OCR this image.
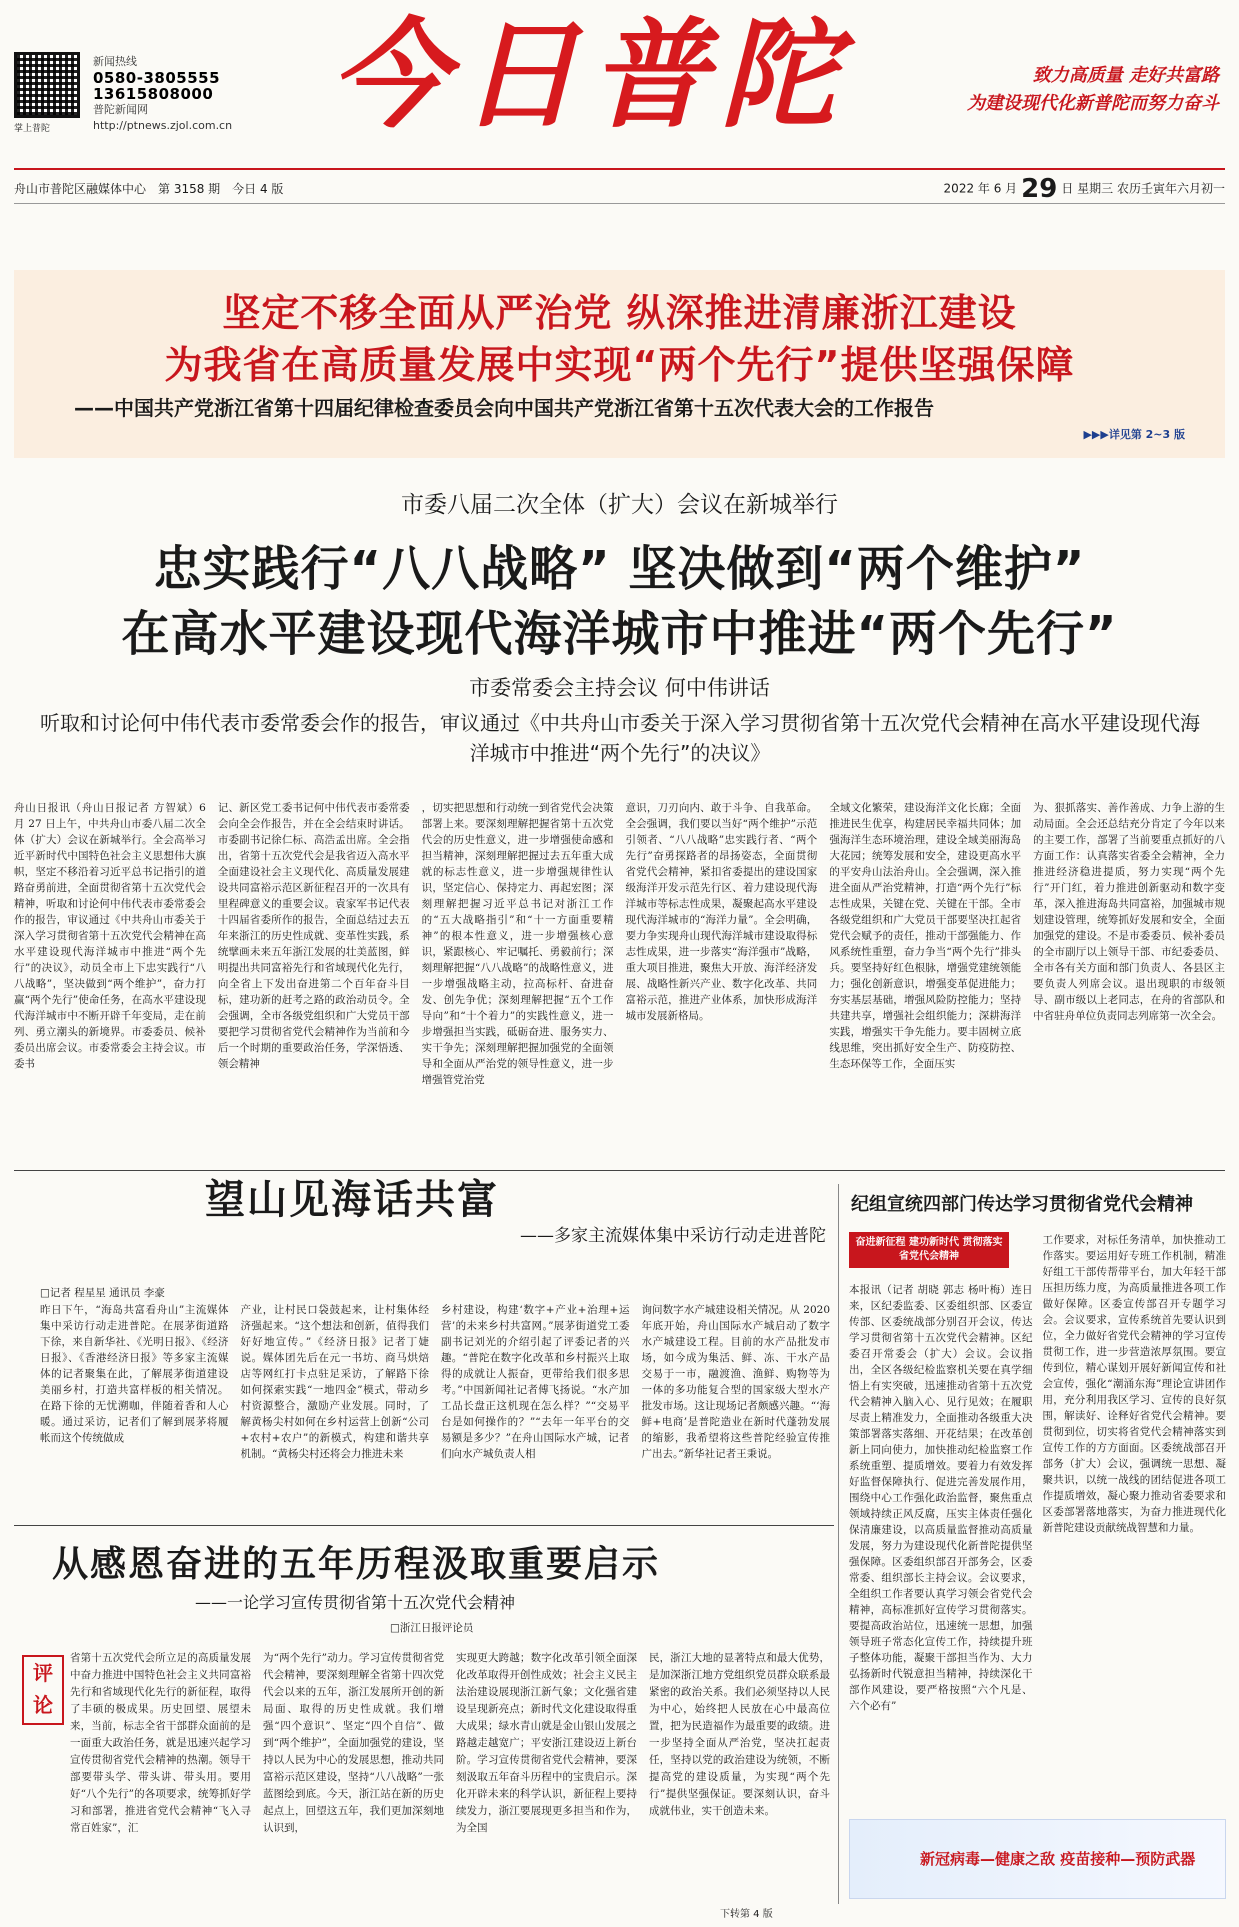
掌上普陀
新闻热线
0580-3805555
13615808000
普陀新闻网
http://ptnews.zjol.com.cn 今日普陀	致力高质量 走好共富路
为建设现代化新普陀而努力奋斗
舟山市普陀区融媒体中心　第 3158 期　今日 4 版	2022 年 6 月 29 日 星期三 农历壬寅年六月初一
坚定不移全面从严治党 纵深推进清廉浙江建设
为我省在高质量发展中实现“两个先行”提供坚强保障
——中国共产党浙江省第十四届纪律检查委员会向中国共产党浙江省第十五次代表大会的工作报告
▶▶▶详见第 2~3 版
市委八届二次全体（扩大）会议在新城举行
忠实践行“八八战略” 坚决做到“两个维护”
在高水平建设现代海洋城市中推进“两个先行”
市委常委会主持会议 何中伟讲话
听取和讨论何中伟代表市委常委会作的报告，审议通过《中共舟山市委关于深入学习贯彻省第十五次党代会精神在高水平建设现代海洋城市中推进“两个先行”的决议》
舟山日报讯（舟山日报记者 方智斌）6 月 27 日上午，中共舟山市委八届二次全体（扩大）会议在新城举行。全会高举习近平新时代中国特色社会主义思想伟大旗帜，坚定不移沿着习近平总书记指引的道路奋勇前进，全面贯彻省第十五次党代会精神，听取和讨论何中伟代表市委常委会作的报告，审议通过《中共舟山市委关于深入学习贯彻省第十五次党代会精神在高水平建设现代海洋城市中推进“两个先行”的决议》，动员全市上下忠实践行“八八战略”，坚决做到“两个维护”，奋力打赢“两个先行”使命任务，在高水平建设现代海洋城市中不断开辟千年变局，走在前列、勇立潮头的新境界。市委委员、候补委员出席会议。市委常委会主持会议。市委书
记、新区党工委书记何中伟代表市委常委会向全会作报告，并在全会结束时讲话。市委副书记徐仁标、高浩孟出席。全会指出，省第十五次党代会是我省迈入高水平全面建设社会主义现代化、高质量发展建设共同富裕示范区新征程召开的一次具有里程碑意义的重要会议。袁家军书记代表十四届省委所作的报告，全面总结过去五年来浙江的历史性成就、变革性实践，系统擘画未来五年浙江发展的壮美蓝图，鲜明提出共同富裕先行和省域现代化先行，向全省上下发出奋进第二个百年奋斗目标，建功新的赶考之路的政治动员令。全会强调，全市各级党组织和广大党员干部要把学习贯彻省党代会精神作为当前和今后一个时期的重要政治任务，学深悟透、领会精神
，切实把思想和行动统一到省党代会决策部署上来。要深刻理解把握省第十五次党代会的历史性意义，进一步增强使命感和担当精神，深刻理解把握过去五年重大成就的标志性意义，进一步增强规律性认识，坚定信心、保持定力、再起宏图；深刻理解把握习近平总书记对浙江工作的“五大战略指引”和“十一方面重要精神”的根本性意义，进一步增强核心意识，紧跟核心、牢记嘱托、勇毅前行；深刻理解把握“八八战略”的战略性意义，进一步增强战略主动，拉高标杆、奋进奋发、创先争优；深刻理解把握“五个工作导向”和“十个着力”的实践性意义，进一步增强担当实践，砥砺奋进、服务实力、实干争先；深刻理解把握加强党的全面领导和全面从严治党的领导性意义，进一步增强管党治党
意识，刀刃向内、敢于斗争、自我革命。全会强调，我们要以当好“两个维护”示范引领者、“八八战略”忠实践行者、“两个先行”奋勇探路者的昂扬姿态，全面贯彻省党代会精神，紧扣省委提出的建设国家级海洋开发示范先行区、着力建设现代海洋城市等标志性成果，凝聚起高水平建设现代海洋城市的“海洋力量”。全会明确，要力争实现舟山现代海洋城市建设取得标志性成果，进一步落实“海洋强市”战略，重大项目推进，聚焦大开放、海洋经济发展、战略性新兴产业、数字化改革、共同富裕示范，推进产业体系，加快形成海洋城市发展新格局。
全域文化繁荣，建设海洋文化长廊；全面推进民生优享，构建居民幸福共同体；加强海洋生态环境治理，建设全域美丽海岛大花园；统筹发展和安全，建设更高水平的平安舟山法治舟山。全会强调，深入推进全面从严治党精神，打造“两个先行”标志性成果，关键在党、关键在干部。全市各级党组织和广大党员干部要坚决扛起省党代会赋予的责任，推动干部强能力、作风系统性重塑，奋力争当“两个先行”排头兵。要坚持好红色根脉，增强党建统领能力；强化创新意识，增强变革促进能力；夯实基层基础，增强风险防控能力；坚持共建共享，增强社会组织能力；深耕海洋实践，增强实干争先能力。要丰固树立底线思维，突出抓好安全生产、防疫防控、生态环保等工作，全面压实
为、狠抓落实、善作善成、力争上游的生动局面。全会还总结充分肯定了今年以来的主要工作，部署了当前要重点抓好的八方面工作：认真落实省委全会精神，全力推进经济稳进提质，努力实现“两个先行”开门红，着力推进创新驱动和数字变革，深入推进海岛共同富裕，加强城市规划建设管理，统筹抓好发展和安全，全面加强党的建设。不是市委委员、候补委员的全市副厅以上领导干部、市纪委委员、全市各有关方面和部门负责人、各县区主要负责人列席会议。退出现职的市级领导、副市级以上老同志，在舟的省部队和中省驻舟单位负责同志列席第一次全会。
望山见海话共富
——多家主流媒体集中采访行动走进普陀
□记者 程星星 通讯员 李豪
昨日下午，“海岛共富看舟山”主流媒体集中采访行动走进普陀。在展茅街道路下徐，来自新华社、《光明日报》、《经济日报》、《香港经济日报》等多家主流媒体的记者聚集在此，了解展茅街道建设美丽乡村，打造共富样板的相关情况。在路下徐的无忧溯咖，伴随着香和人心暖。通过采访，记者们了解到展茅将履帐而这个传统做成
产业，让村民口袋鼓起来，让村集体经济强起来。“这个想法和创新，值得我们好好地宣传。”《经济日报》记者丁婕说。媒体团先后在元一书坊、商马烘焙店等网红打卡点驻足采访，了解路下徐如何探索实践“一地四金”模式，带动乡村资源整合，激励产业发展。同时，了解黄杨尖村如何在乡村运营上创新“公司+农村+农户”的新模式，构建和谐共享机制。“黄杨尖村还将会力推进未来
乡村建设，构建‘数字+产业+治理+运营’的未来乡村共富网。”展茅街道党工委副书记刘光的介绍引起了评委记者的兴趣。“普陀在数字化改革和乡村振兴上取得的成就让人振奋，更带给我们很多思考。”中国新闻社记者傅飞扬说。“水产加工品长盘正这机现在怎么样？”“交易平台是如何操作的？”“去年一年平台的交易额是多少？”在舟山国际水产城，记者们向水产城负责人相
询问数字水产城建设相关情况。从 2020 年底开始，舟山国际水产城启动了数字水产城建设工程。目前的水产品批发市场，如今成为集活、鲜、冻、干水产品交易于一市，融渡渔、渔鲜、购物等为一体的多功能复合型的国家级大型水产批发市场。这让现场记者颇感兴趣。“‘海鲜+电商’是普陀造业在新时代蓬勃发展的缩影，我希望将这些普陀经验宣传推广出去。”新华社记者王秉说。
纪组宣统四部门传达学习贯彻省党代会精神
本报讯（记者 胡晓 郭志 杨叶梅）连日来，区纪委监委、区委组织部、区委宣传部、区委统战部分别召开会议，传达学习贯彻省第十五次党代会精神。区纪委召开常委会（扩大）会议。会议指出，全区各级纪检监察机关要在真学细悟上有实突破，迅速推动省第十五次党代会精神入脑入心、见行见效；在履职尽责上精准发力，全面推动各级重大决策部署落实落细、开花结果；在改革创新上同向使力，加快推动纪检监察工作系统重塑、提质增效。要着力有效发挥好监督保障执行、促进完善发展作用，围绕中心工作强化政治监督，聚焦重点领域持续正风反腐，压实主体责任强化保清廉建设，以高质量监督推动高质量发展，努力为建设现代化新普陀提供坚强保障。区委组织部召开部务会，区委常委、组织部长主持会议。会议要求，全组织工作者要认真学习领会省党代会精神，高标准抓好宣传学习贯彻落实。要提高政治站位，迅速统一思想，加强领导班子常态化宣传工作，持续提升班子整体功能，凝聚干部担当作为、大力弘扬新时代锐意担当精神，持续深化干部作风建设，要严格按照“六个凡是、六个必有”
工作要求，对标任务清单，加快推动工作落实。要运用好专班工作机制，精准好组工干部传帮带平台，加大年轻干部压担历练力度，为高质量推进各项工作做好保障。区委宣传部召开专题学习会。会议要求，宣传系统首先要认识到位，全力做好省党代会精神的学习宣传贯彻工作，进一步营造浓厚氛围。要宣传到位，精心谋划开展好新闻宣传和社会宣传，强化“潮涌东海”理论宣讲团作用，充分利用我区学习、宣传的良好氛围，解读好、诠释好省党代会精神。要贯彻到位，切实将省党代会精神落实到宣传工作的方方面面。区委统战部召开部务（扩大）会议，强调统一思想、凝聚共识，以统一战线的团结促进各项工作提质增效，凝心聚力推动省委要求和区委部署落地落实，为奋力推进现代化新普陀建设贡献统战智慧和力量。
奋进新征程 建功新时代 贯彻落实省党代会精神
新冠病毒—健康之敌 疫苗接种—预防武器
从感恩奋进的五年历程汲取重要启示
——一论学习宣传贯彻省第十五次党代会精神
□浙江日报评论员
评论
省第十五次党代会所立足的高质量发展中奋力推进中国特色社会主义共同富裕先行和省域现代化先行的新征程，取得了丰硕的极成果。历史回望、展望未来，当前，标志全省干部群众面前的是一面重大政治任务，就是迅速兴起学习宣传贯彻省党代会精神的热潮。领导干部要带头学、带头讲、带头用。要用好“八个先行”的各项要求，统筹抓好学习和部署，推进省党代会精神“飞入寻常百姓家”，汇
为“两个先行”动力。学习宣传贯彻省党代会精神，要深刻理解全省第十四次党代会以来的五年，浙江发展所开创的新局面、取得的历史性成就。我们增强“四个意识”、坚定“四个自信”、做到“两个维护”，全面加强党的建设，坚持以人民为中心的发展思想，推动共同富裕示范区建设，坚持“八八战略”一张蓝图绘到底。今天，浙江站在新的历史起点上，回望这五年，我们更加深刻地认识到，
实现更大跨越；数字化改革引领全面深化改革取得开创性成效；社会主义民主法治建设展现浙江新气象；文化强省建设呈现新亮点；新时代文化建设取得重大成果；绿水青山就是金山银山发展之路越走越宽广；平安浙江建设迈上新台阶。学习宣传贯彻省党代会精神，要深刻汲取五年奋斗历程中的宝贵启示。深化开辟未来的科学认识，新征程上要持续发力，浙江要展现更多担当和作为，为全国
民，浙江大地的显著特点和最大优势，是加深浙江地方党组织党员群众联系最紧密的政治关系。我们必须坚持以人民为中心，始终把人民放在心中最高位置，把为民造福作为最重要的政绩。进一步坚持全面从严治党，坚决扛起责任，坚持以党的政治建设为统领，不断提高党的建设质量，为实现“两个先行”提供坚强保证。要深刻认识，奋斗成就伟业，实干创造未来。
下转第 4 版
